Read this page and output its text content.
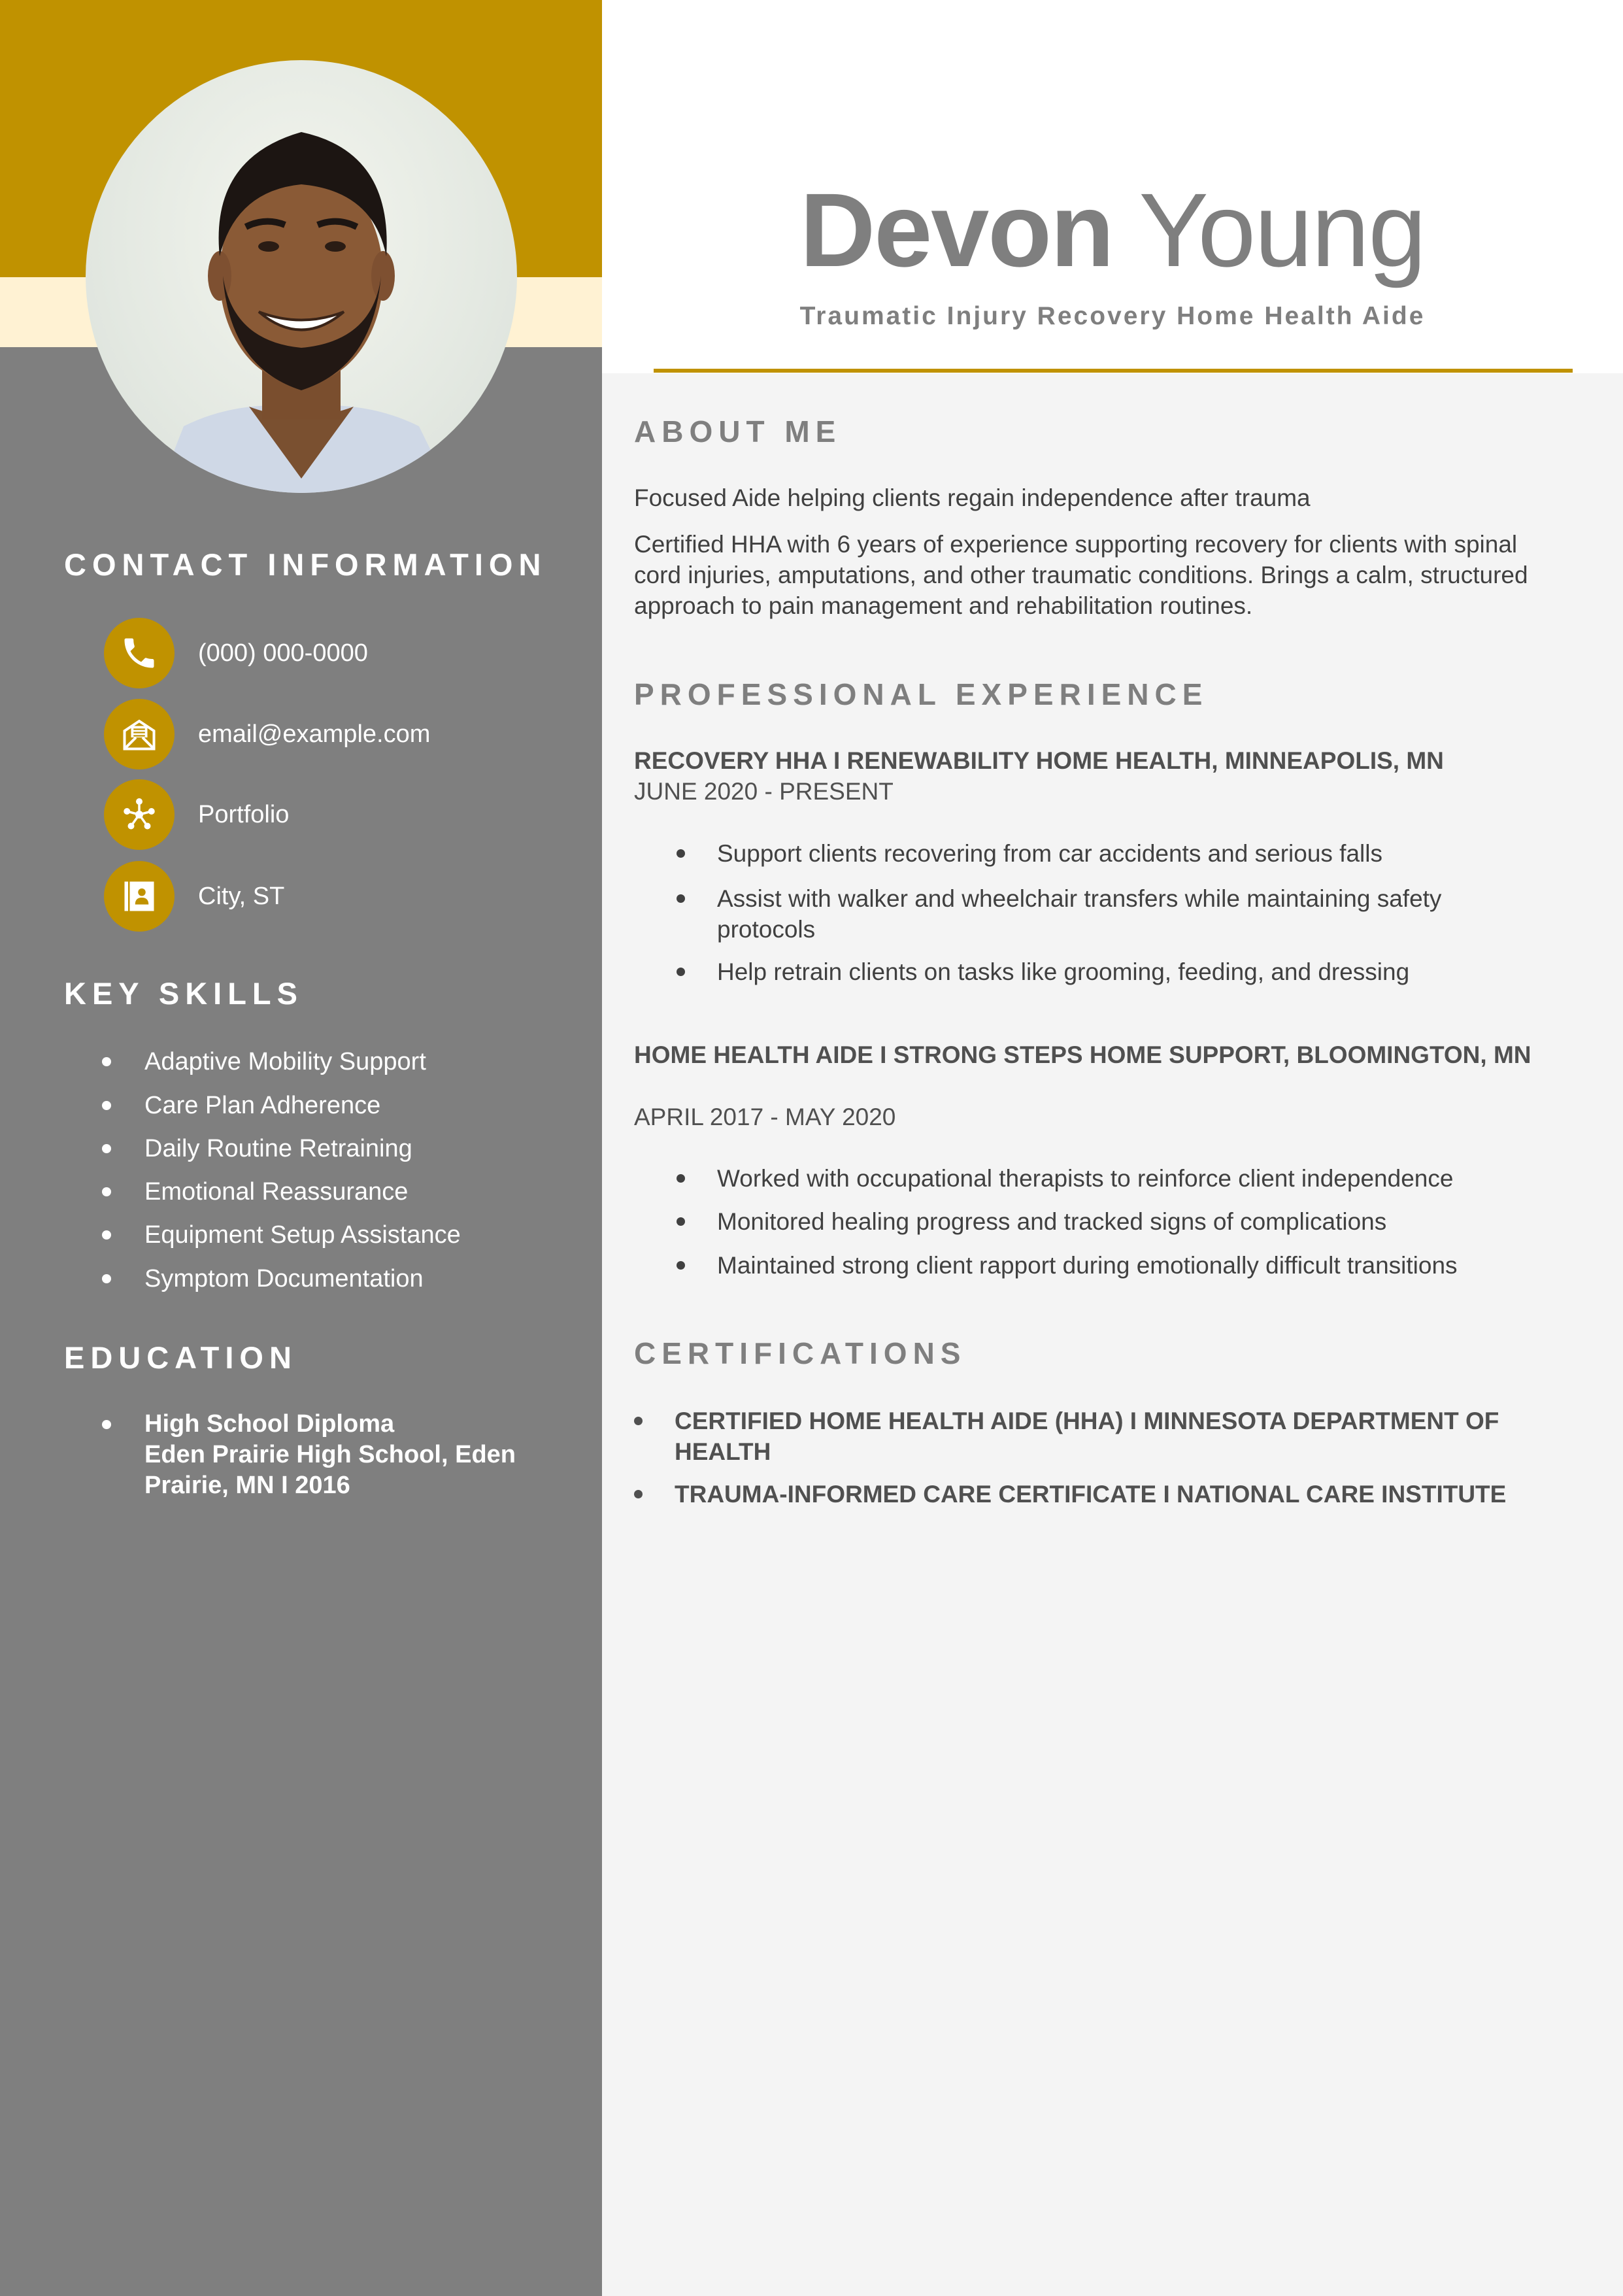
Devon Young
Traumatic Injury Recovery Home Health Aide
CONTACT INFORMATION
(000) 000-0000
email@example.com
Portfolio
City, ST
KEY SKILLS
Adaptive Mobility Support
Care Plan Adherence
Daily Routine Retraining
Emotional Reassurance
Equipment Setup Assistance
Symptom Documentation
EDUCATION
High School Diploma
Eden Prairie High School, Eden Prairie, MN I 2016
ABOUT ME
Focused Aide helping clients regain independence after trauma
Certified HHA with 6 years of experience supporting recovery for clients with spinal cord injuries, amputations, and other traumatic conditions. Brings a calm, structured approach to pain management and rehabilitation routines.
PROFESSIONAL EXPERIENCE
RECOVERY HHA I RENEWABILITY HOME HEALTH, MINNEAPOLIS, MN
JUNE 2020 - PRESENT
Support clients recovering from car accidents and serious falls
Assist with walker and wheelchair transfers while maintaining safety protocols
Help retrain clients on tasks like grooming, feeding, and dressing
HOME HEALTH AIDE I STRONG STEPS HOME SUPPORT, BLOOMINGTON, MN
APRIL 2017 - MAY 2020
Worked with occupational therapists to reinforce client independence
Monitored healing progress and tracked signs of complications
Maintained strong client rapport during emotionally difficult transitions
CERTIFICATIONS
CERTIFIED HOME HEALTH AIDE (HHA) I MINNESOTA DEPARTMENT OF HEALTH
TRAUMA-INFORMED CARE CERTIFICATE I NATIONAL CARE INSTITUTE
